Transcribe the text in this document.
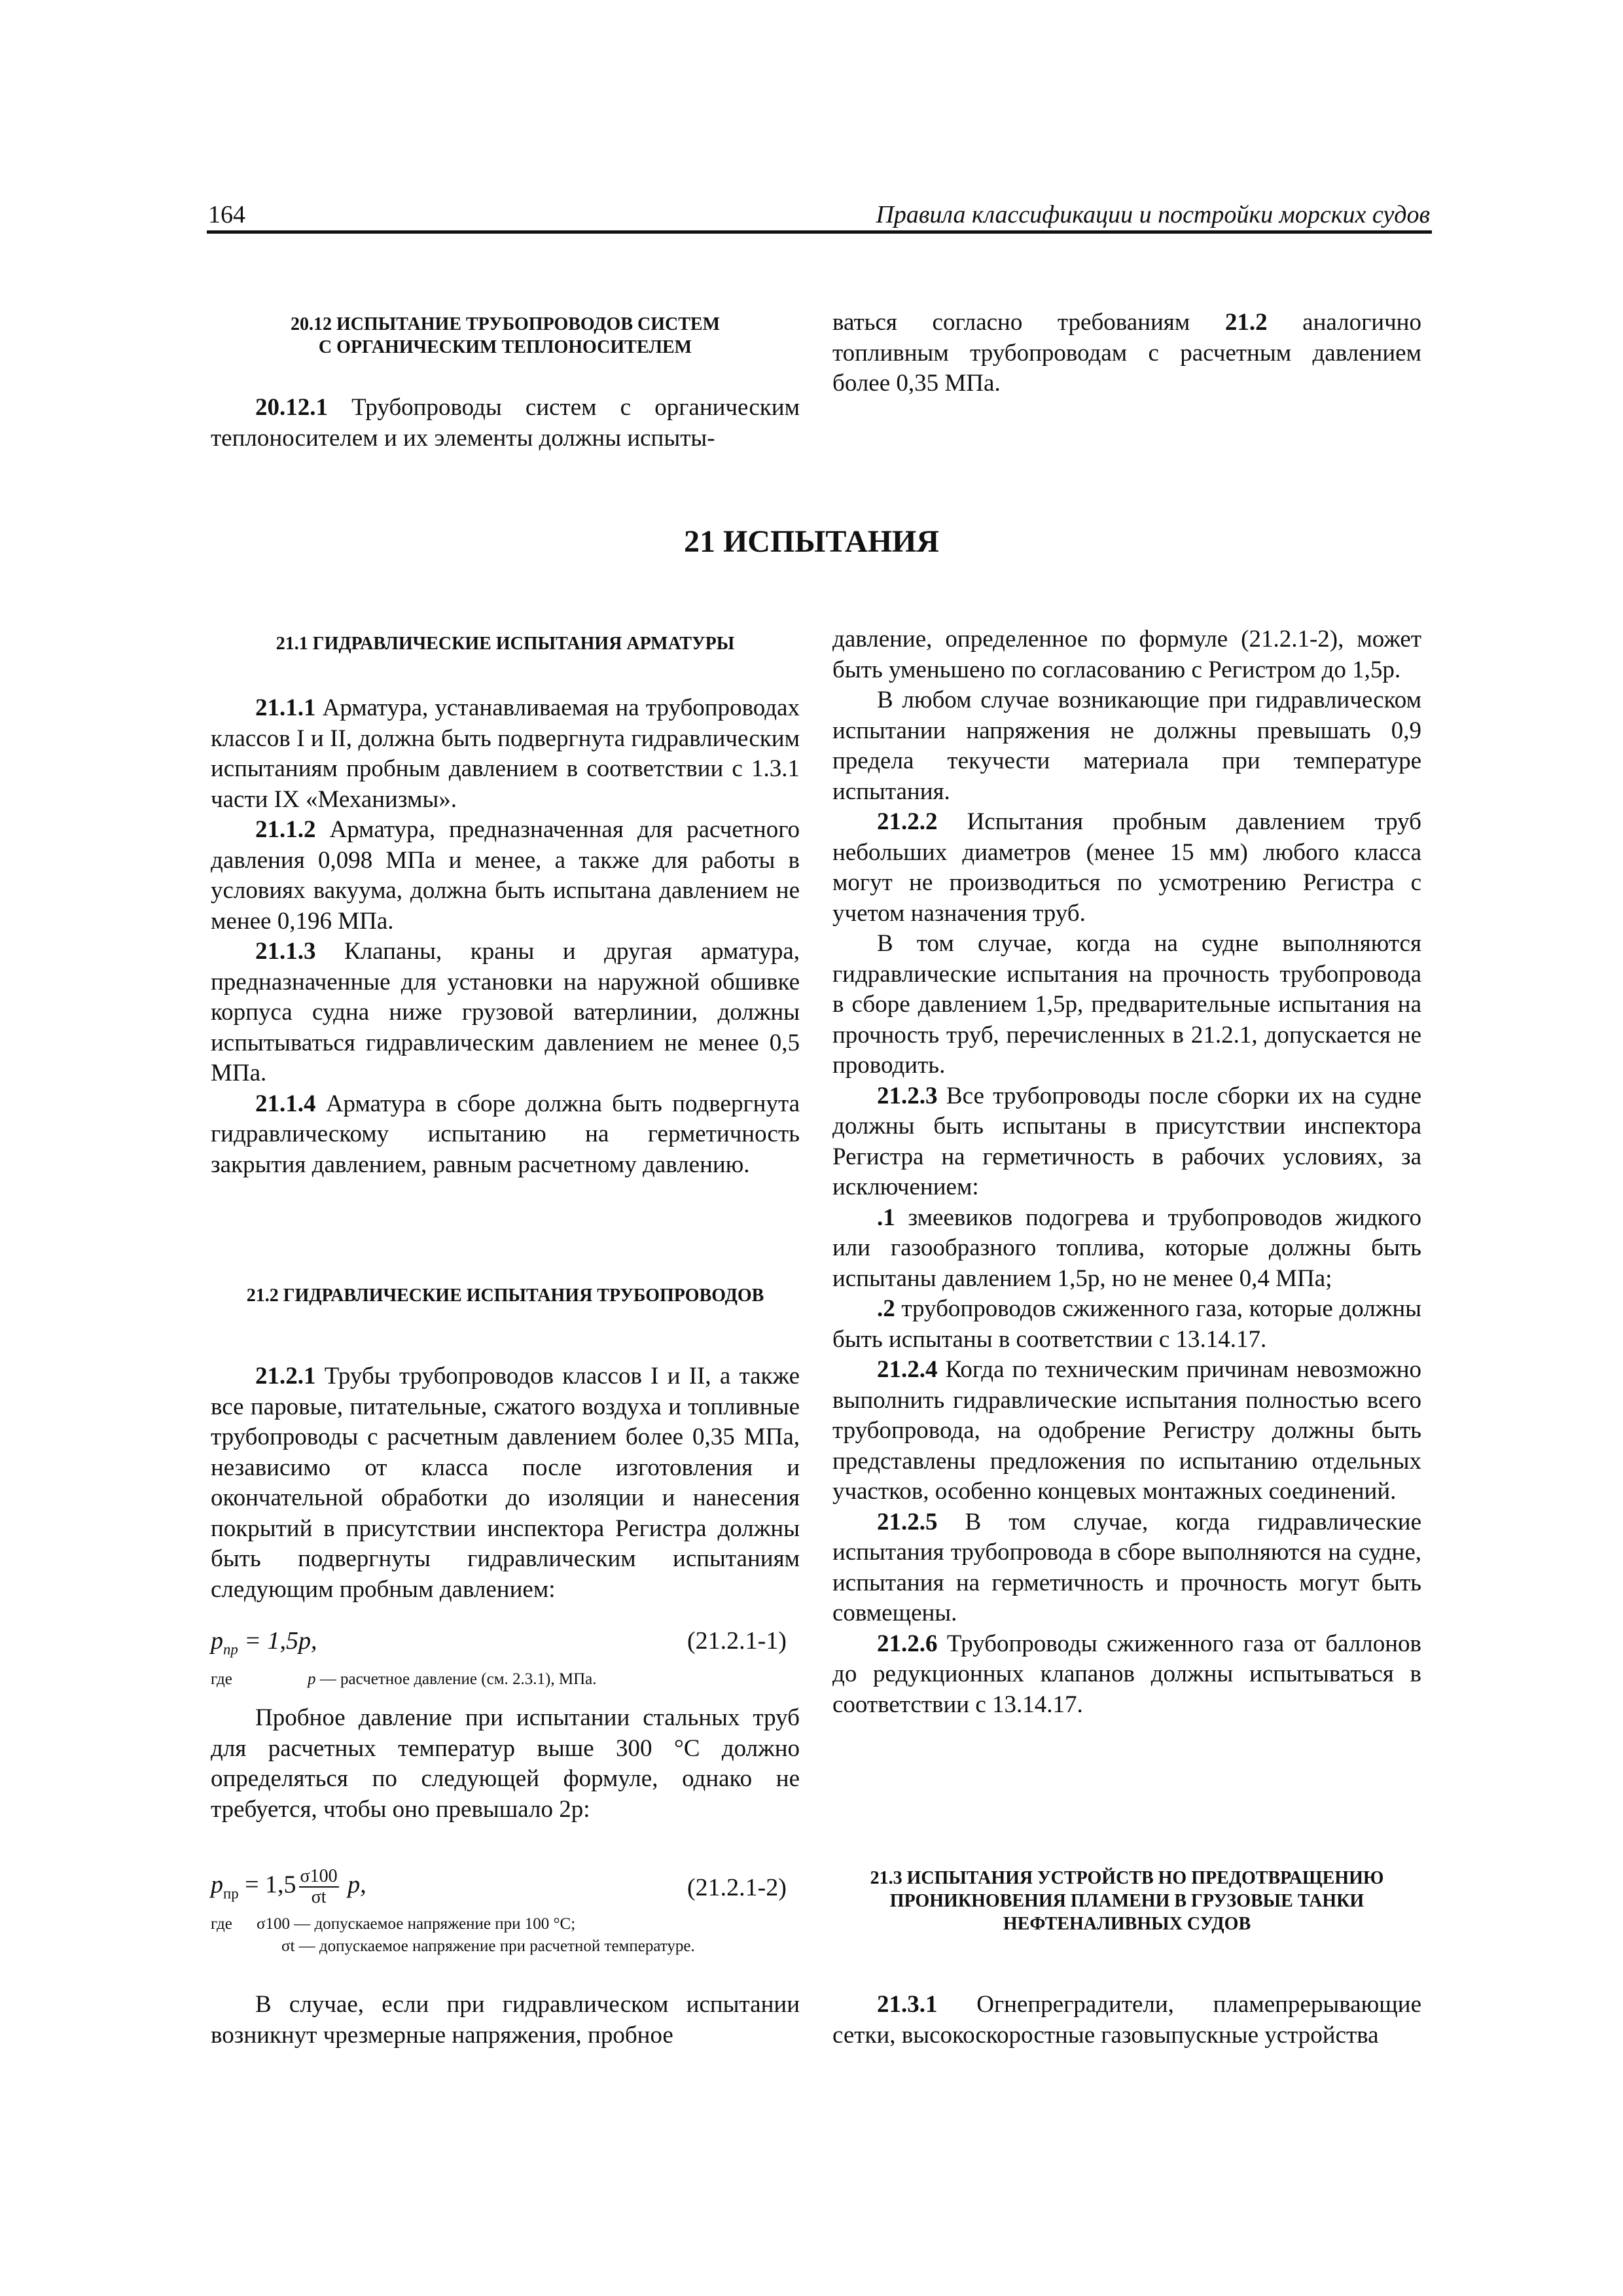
164	Правила классификации и постройки морских судов
20.12 ИСПЫТАНИЕ ТРУБОПРОВОДОВ СИСТЕМ
С ОРГАНИЧЕСКИМ ТЕПЛОНОСИТЕЛЕМ

20.12.1 Трубопроводы систем с органическим теплоносителем и их элементы должны испыты-

ваться согласно требованиям 21.2 аналогично топливным трубопроводам с расчетным давлением более 0,35 МПа.

21 ИСПЫТАНИЯ
21.1 ГИДРАВЛИЧЕСКИЕ ИСПЫТАНИЯ АРМАТУРЫ

21.1.1 Арматура, устанавливаемая на трубопроводах классов I и II, должна быть подвергнута гидравлическим испытаниям пробным давлением в соответствии с 1.3.1 части IX «Механизмы».

21.1.2 Арматура, предназначенная для расчетного давления 0,098 МПа и менее, а также для работы в условиях вакуума, должна быть испытана давлением не менее 0,196 МПа.

21.1.3 Клапаны, краны и другая арматура, предназначенные для установки на наружной обшивке корпуса судна ниже грузовой ватерлинии, должны испытываться гидравлическим давлением не менее 0,5 МПа.

21.1.4 Арматура в сборе должна быть подвергнута гидравлическому испытанию на герметичность закрытия давлением, равным расчетному давлению.

21.2 ГИДРАВЛИЧЕСКИЕ ИСПЫТАНИЯ ТРУБОПРОВОДОВ

21.2.1 Трубы трубопроводов классов I и II, а также все паровые, питательные, сжатого воздуха и топливные трубопроводы с расчетным давлением более 0,35 МПа, независимо от класса после изготовления и окончательной обработки до изоляции и нанесения покрытий в присутствии инспектора Регистра должны быть подвергнуты гидравлическим испытаниям следующим пробным давлением:

$p_{пр} = 1,5p$,	(21.2.1-1)
где	p — расчетное давление (см. 2.3.1), МПа.

Пробное давление при испытании стальных труб для расчетных температур выше 300 °С должно определяться по следующей формуле, однако не требуется, чтобы оно превышало 2p:

$p_{пр} = 1,5 \frac{\sigma 100}{\sigma t} p$,	(21.2.1-2)
где σ100 — допускаемое напряжение при 100 °С;
σt — допускаемое напряжение при расчетной температуре.

В случае, если при гидравлическом испытании возникнут чрезмерные напряжения, пробное

давление, определенное по формуле (21.2.1-2), может быть уменьшено по согласованию с Регистром до 1,5p.

В любом случае возникающие при гидравлическом испытании напряжения не должны превышать 0,9 предела текучести материала при температуре испытания.

21.2.2 Испытания пробным давлением труб небольших диаметров (менее 15 мм) любого класса могут не производиться по усмотрению Регистра с учетом назначения труб.

В том случае, когда на судне выполняются гидравлические испытания на прочность трубопровода в сборе давлением 1,5p, предварительные испытания на прочность труб, перечисленных в 21.2.1, допускается не проводить.

21.2.3 Все трубопроводы после сборки их на судне должны быть испытаны в присутствии инспектора Регистра на герметичность в рабочих условиях, за исключением:

.1 змеевиков подогрева и трубопроводов жидкого или газообразного топлива, которые должны быть испытаны давлением 1,5p, но не менее 0,4 МПа;

.2 трубопроводов сжиженного газа, которые должны быть испытаны в соответствии с 13.14.17.

21.2.4 Когда по техническим причинам невозможно выполнить гидравлические испытания полностью всего трубопровода, на одобрение Регистру должны быть представлены предложения по испытанию отдельных участков, особенно концевых монтажных соединений.

21.2.5 В том случае, когда гидравлические испытания трубопровода в сборе выполняются на судне, испытания на герметичность и прочность могут быть совмещены.

21.2.6 Трубопроводы сжиженного газа от баллонов до редукционных клапанов должны испытываться в соответствии с 13.14.17.

21.3 ИСПЫТАНИЯ УСТРОЙСТВ НО ПРЕДОТВРАЩЕНИЮ
ПРОНИКНОВЕНИЯ ПЛАМЕНИ В ГРУЗОВЫЕ ТАНКИ
НЕФТЕНАЛИВНЫХ СУДОВ

21.3.1 Огнепреградители, пламепрерывающие сетки, высокоскоростные газовыпускные устройства
